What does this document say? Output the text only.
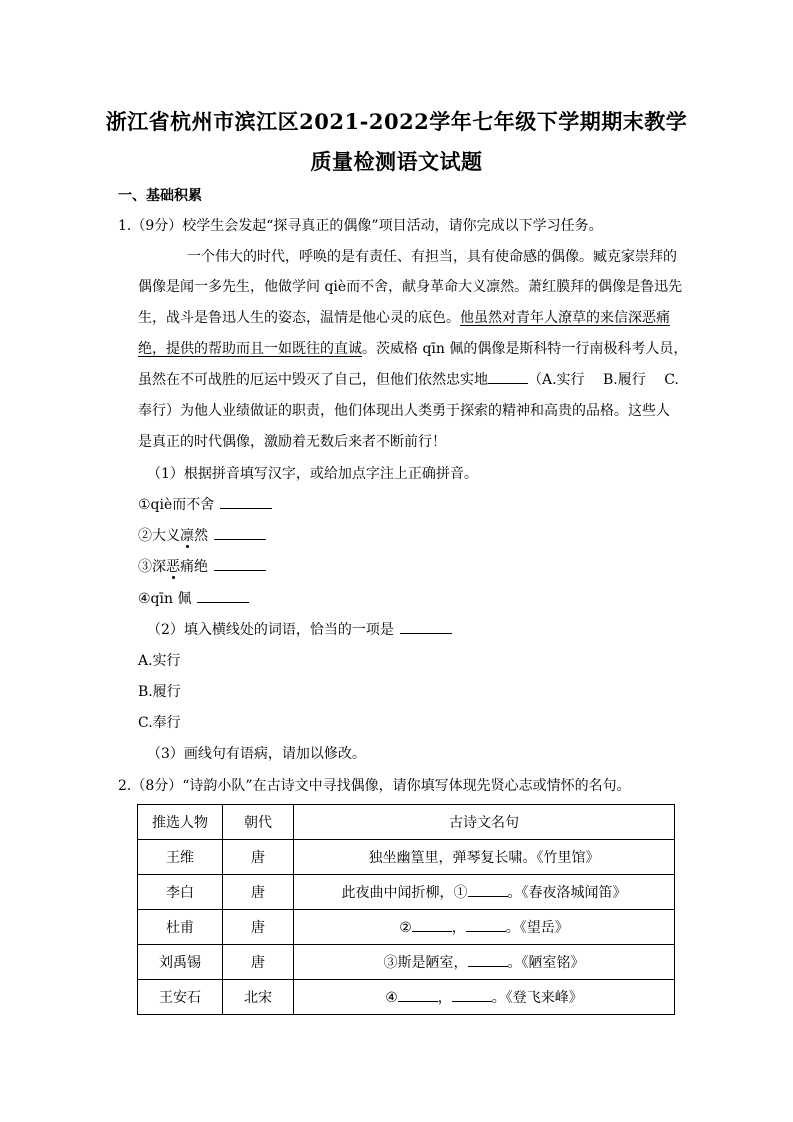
浙江省杭州市滨江区2021-2022学年七年级下学期期末教学
质量检测语文试题
一、基础积累
1.（9分）校学生会发起“探寻真正的偶像”项目活动，请你完成以下学习任务。
一个伟大的时代，呼唤的是有责任、有担当，具有使命感的偶像。臧克家崇拜的
偶像是闻一多先生，他做学问 qiè而不舍，献身革命大义凛然。萧红膜拜的偶像是鲁迅先
生，战斗是鲁迅人生的姿态，温情是他心灵的底色。他虽然对青年人潦草的来信深恶痛
绝，提供的帮助而且一如既往的直诚。茨威格 qīn 佩的偶像是斯科特一行南极科考人员，
虽然在不可战胜的厄运中毁灭了自己，但他们依然忠实地	（A.实行　 B.履行　 C.
奉行）为他人业绩做证的职责，他们体现出人类勇于探索的精神和高贵的品格。这些人
是真正的时代偶像，激励着无数后来者不断前行！
（1）根据拼音填写汉字，或给加点字注上正确拼音。
①qiè而不舍
②大义凛然
③深恶痛绝
④qīn 佩
（2）填入横线处的词语，恰当的一项是
A.实行
B.履行
C.奉行
（3）画线句有语病，请加以修改。
2.（8分）“诗韵小队”在古诗文中寻找偶像，请你填写体现先贤心志或情怀的名句。
推选人物	朝代	古诗文名句
王维	唐	独坐幽篁里，弹琴复长啸。《竹里馆》
李白	唐	此夜曲中闻折柳，① 。《春夜洛城闻笛》
杜甫	唐	② ， 。《望岳》
刘禹锡	唐	③斯是陋室， 。《陋室铭》
王安石	北宋	④ ， 。《登飞来峰》
